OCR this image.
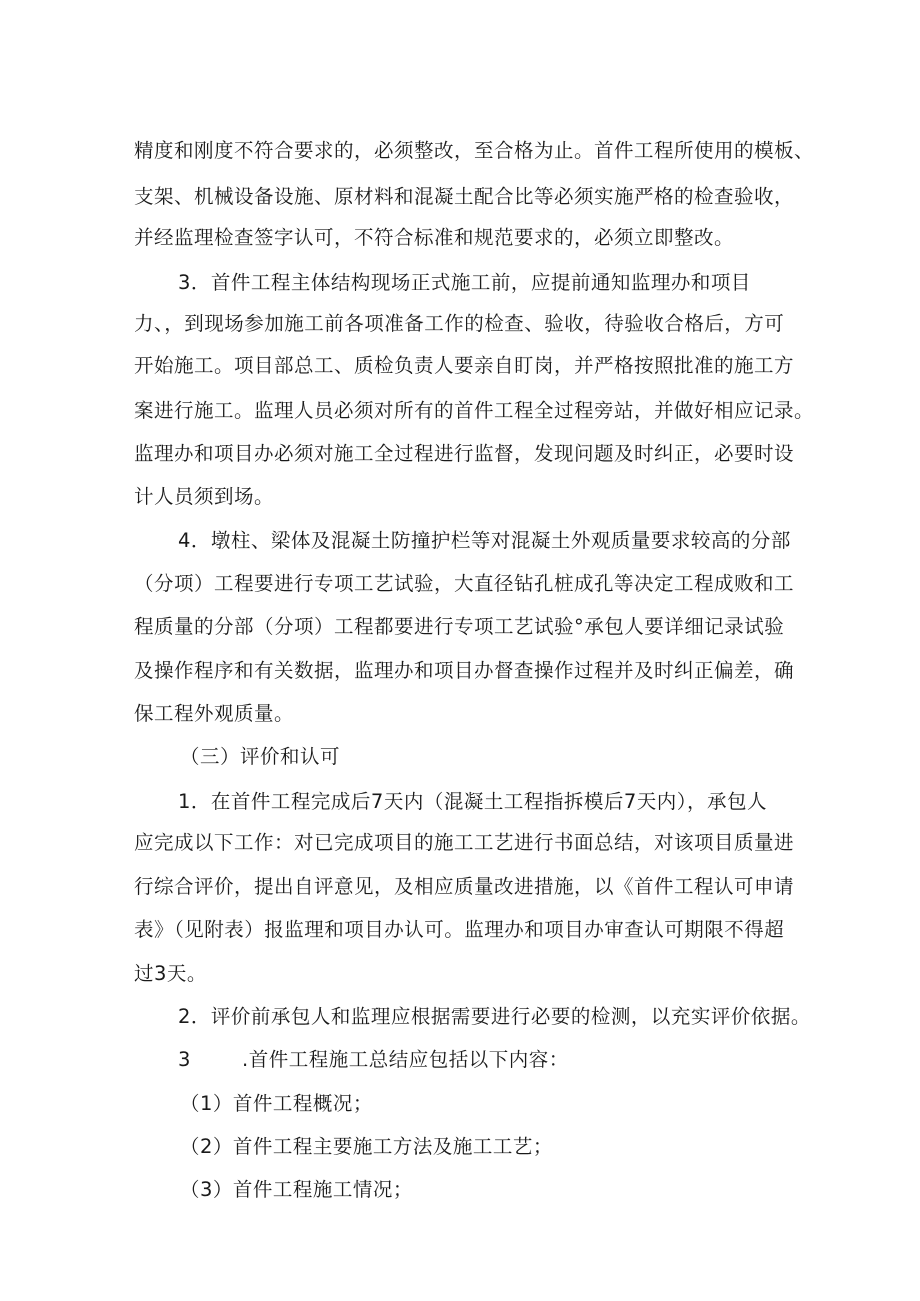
精度和刚度不符合要求的，必须整改，至合格为止。首件工程所使用的模板、
支架、机械设备设施、原材料和混凝土配合比等必须实施严格的检查验收，
并经监理检查签字认可，不符合标准和规范要求的，必须立即整改。
3．首件工程主体结构现场正式施工前，应提前通知监理办和项目
力、，到现场参加施工前各项准备工作的检查、验收，待验收合格后，方可
开始施工。项目部总工、质检负责人要亲自盯岗，并严格按照批准的施工方
案进行施工。监理人员必须对所有的首件工程全过程旁站，并做好相应记录。
监理办和项目办必须对施工全过程进行监督，发现问题及时纠正，必要时设
计人员须到场。
4．墩柱、梁体及混凝土防撞护栏等对混凝土外观质量要求较高的分部
（分项）工程要进行专项工艺试验，大直径钻孔桩成孔等决定工程成败和工
程质量的分部（分项）工程都要进行专项工艺试验°承包人要详细记录试验
及操作程序和有关数据，监理办和项目办督查操作过程并及时纠正偏差，确
保工程外观质量。
（三）评价和认可
1．在首件工程完成后7天内（混凝土工程指拆模后7天内），承包人
应完成以下工作：对已完成项目的施工工艺进行书面总结，对该项目质量进
行综合评价，提出自评意见，及相应质量改进措施，以《首件工程认可申请
表》（见附表）报监理和项目办认可。监理办和项目办审查认可期限不得超
过3天。
2．评价前承包人和监理应根据需要进行必要的检测，以充实评价依据。
3	.首件工程施工总结应包括以下内容：
（1）首件工程概况；
（2）首件工程主要施工方法及施工工艺；
（3）首件工程施工情况；
